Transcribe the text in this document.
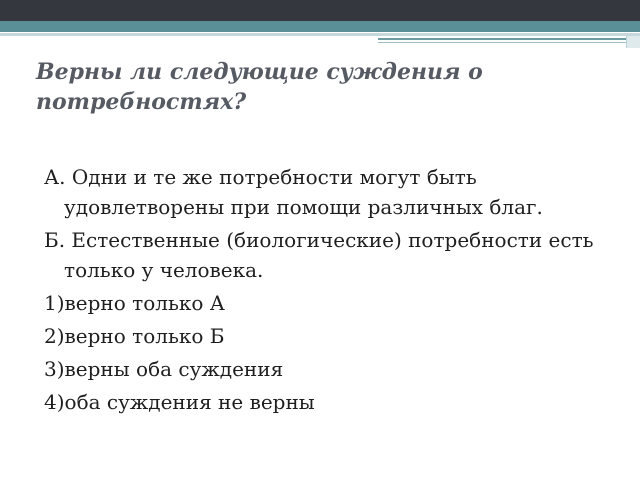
Верны ли следующие суждения о потребностях?
А. Одни и те же потребности могут быть удовлетворены при помощи различных благ.
Б. Естественные (биологические) потребности есть только у человека.
1)верно только А
2)верно только Б
3)верны оба суждения
4)оба суждения не верны
